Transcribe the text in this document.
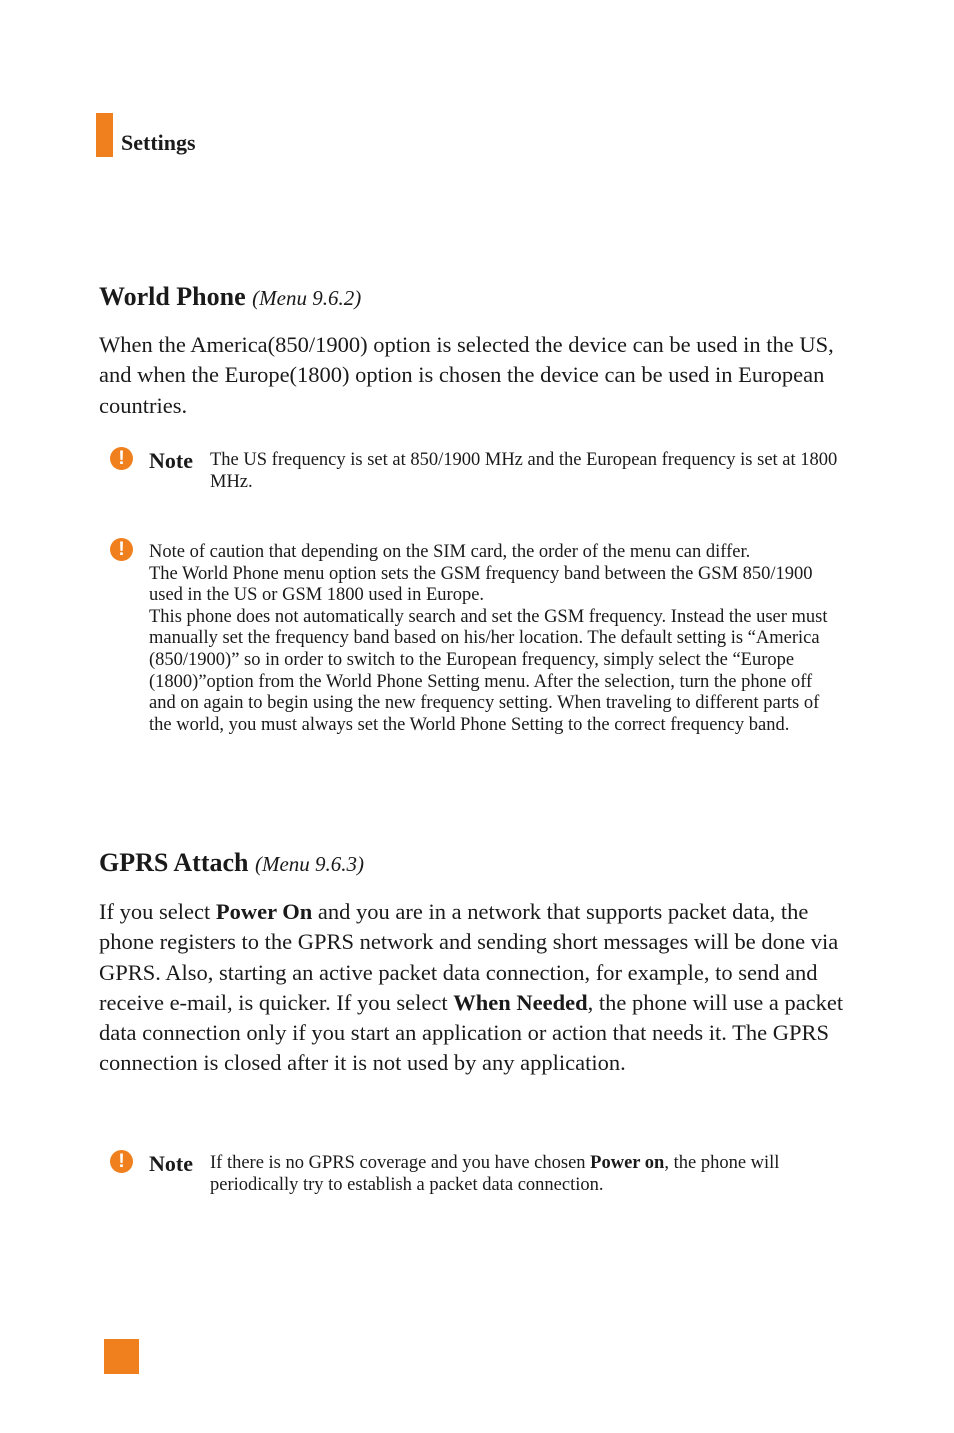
Settings
World Phone (Menu 9.6.2)
When the America(850/1900) option is selected the device can be used in the US, and when the Europe(1800) option is chosen the device can be used in European countries.
!	Note The US frequency is set at 850/1900 MHz and the European frequency is set at 1800 MHz.
!	Note of caution that depending on the SIM card, the order of the menu can differ.

The World Phone menu option sets the GSM frequency band between the GSM 850/1900 used in the US or GSM 1800 used in Europe.

This phone does not automatically search and set the GSM frequency. Instead the user must manually set the frequency band based on his/her location. The default setting is “America (850/1900)” so in order to switch to the European frequency, simply select the “Europe (1800)”option from the World Phone Setting menu. After the selection, turn the phone off and on again to begin using the new frequency setting. When traveling to different parts of the world, you must always set the World Phone Setting to the correct frequency band.

GPRS Attach (Menu 9.6.3)
If you select Power On and you are in a network that supports packet data, the phone registers to the GPRS network and sending short messages will be done via GPRS. Also, starting an active packet data connection, for example, to send and receive e-mail, is quicker. If you select When Needed, the phone will use a packet data connection only if you start an application or action that needs it. The GPRS connection is closed after it is not used by any application.
!	Note If there is no GPRS coverage and you have chosen Power on, the phone will periodically try to establish a packet data connection.
